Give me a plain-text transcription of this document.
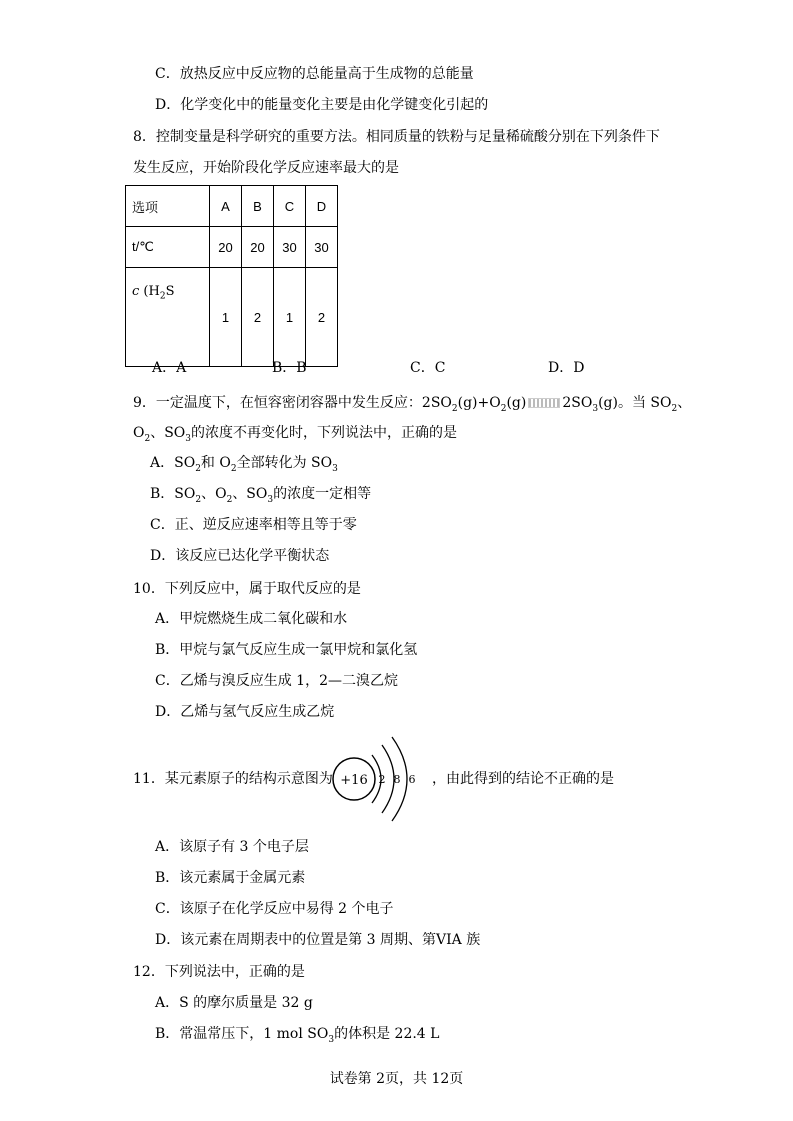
C．放热反应中反应物的总能量高于生成物的总能量
D．化学变化中的能量变化主要是由化学键变化引起的
8．控制变量是科学研究的重要方法。相同质量的铁粉与足量稀硫酸分别在下列条件下
发生反应，开始阶段化学反应速率最大的是
选项	A	B	C	D
t/℃	20	20	30	30
c ($H_2S$	1	2	1	2
A．A	B．B	C．C	D．D
9．一定温度下，在恒容密闭容器中发生反应：$2SO_2(g)+O_2(g)$	$2SO_3(g)$。当 $SO_2$、
$O_2$、$SO_3$的浓度不再变化时，下列说法中，正确的是
A．$SO_2$和 $O_2$全部转化为 $SO_3$
B．$SO_2$、$O_2$、$SO_3$的浓度一定相等
C．正、逆反应速率相等且等于零
D．该反应已达化学平衡状态
10．下列反应中，属于取代反应的是
A．甲烷燃烧生成二氧化碳和水
B．甲烷与氯气反应生成一氯甲烷和氯化氢
C．乙烯与溴反应生成 1，2—二溴乙烷
D．乙烯与氢气反应生成乙烷
11．某元素原子的结构示意图为 +16 2 8 6 ，由此得到的结论不正确的是
A．该原子有 3 个电子层
B．该元素属于金属元素
C．该原子在化学反应中易得 2 个电子
D．该元素在周期表中的位置是第 3 周期、第VIA 族
12．下列说法中，正确的是
A．S 的摩尔质量是 32 g
B．常温常压下，1 mol $SO_3$的体积是 22.4 L
试卷第 2页，共 12页
